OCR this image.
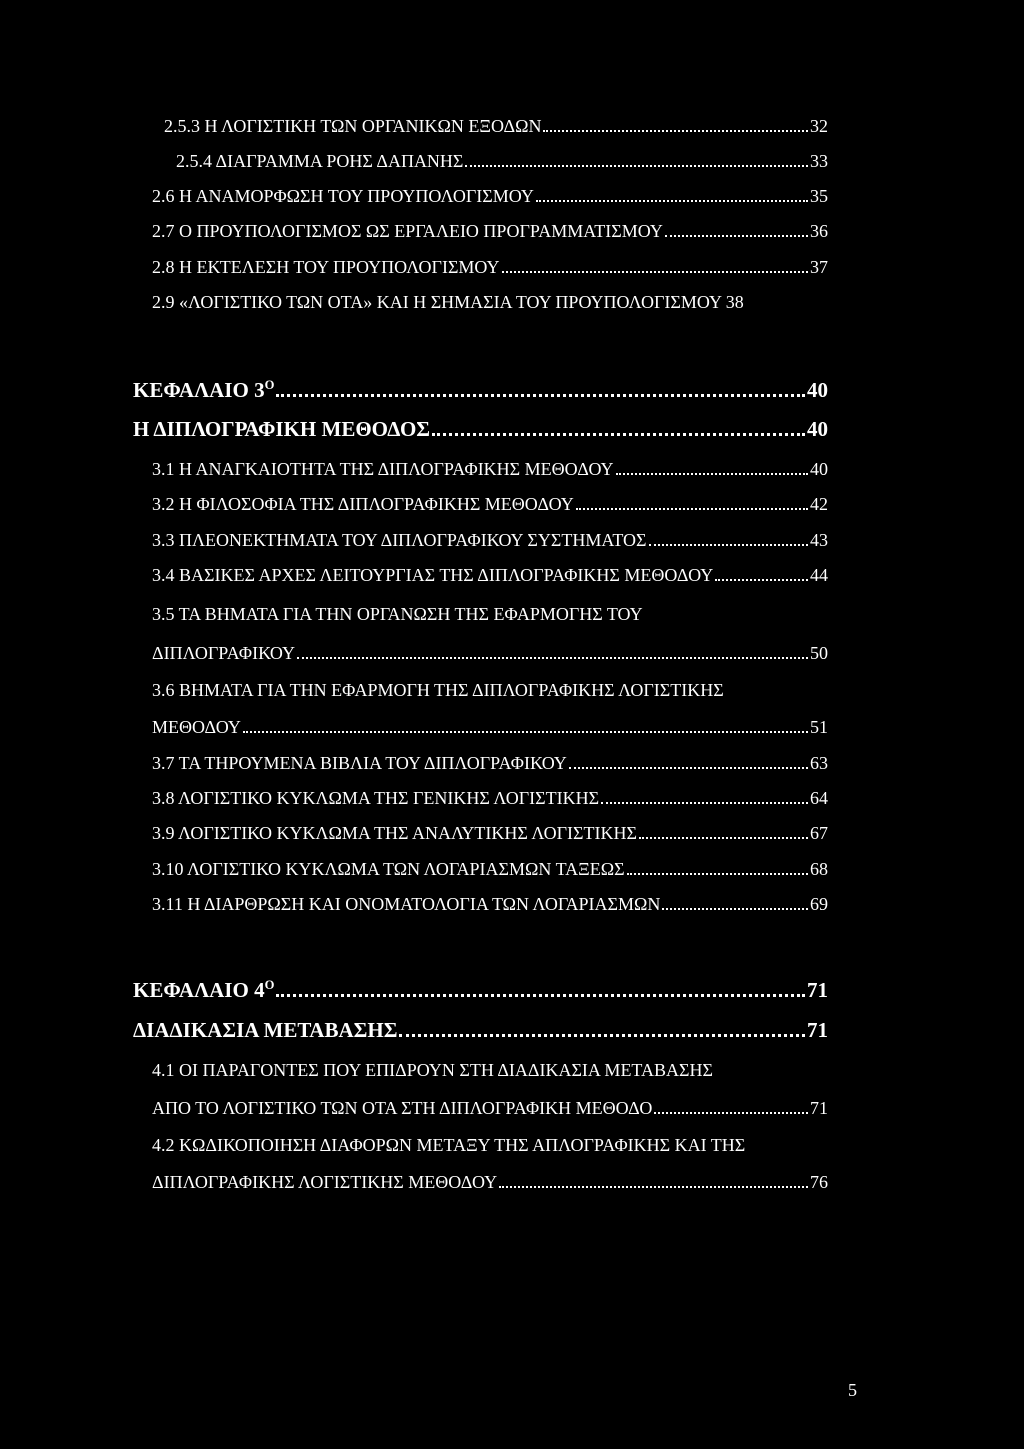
2.5.3 Η ΛΟΓΙΣΤΙΚΗ ΤΩΝ ΟΡΓΑΝΙΚΩΝ ΕΞΟΔΩΝ	32
2.5.4 ΔΙΑΓΡΑΜΜΑ ΡΟΗΣ ΔΑΠΑΝΗΣ	33
2.6 Η ΑΝΑΜΟΡΦΩΣΗ ΤΟΥ ΠΡΟΥΠΟΛΟΓΙΣΜΟΥ	35
2.7 Ο ΠΡΟΥΠΟΛΟΓΙΣΜΟΣ ΩΣ ΕΡΓΑΛΕΙΟ ΠΡΟΓΡΑΜΜΑΤΙΣΜΟΥ	36
2.8 Η ΕΚΤΕΛΕΣΗ ΤΟΥ ΠΡΟΥΠΟΛΟΓΙΣΜΟΥ	37
2.9 «ΛΟΓΙΣΤΙΚΟ ΤΩΝ ΟΤΑ» ΚΑΙ Η ΣΗΜΑΣΙΑ ΤΟΥ ΠΡΟΥΠΟΛΟΓΙΣΜΟΥ 38
ΚΕΦΑΛΑΙΟ $3^O$	40
Η ΔΙΠΛΟΓΡΑΦΙΚΗ ΜΕΘΟΔΟΣ	40
3.1 Η ΑΝΑΓΚΑΙΟΤΗΤΑ ΤΗΣ ΔΙΠΛΟΓΡΑΦΙΚΗΣ ΜΕΘΟΔΟΥ	40
3.2 Η ΦΙΛΟΣΟΦΙΑ ΤΗΣ ΔΙΠΛΟΓΡΑΦΙΚΗΣ ΜΕΘΟΔΟΥ	42
3.3 ΠΛΕΟΝΕΚΤΗΜΑΤΑ ΤΟΥ ΔΙΠΛΟΓΡΑΦΙΚΟΥ ΣΥΣΤΗΜΑΤΟΣ	43
3.4 ΒΑΣΙΚΕΣ ΑΡΧΕΣ ΛΕΙΤΟΥΡΓΙΑΣ ΤΗΣ ΔΙΠΛΟΓΡΑΦΙΚΗΣ ΜΕΘΟΔΟΥ	44
3.5 ΤΑ ΒΗΜΑΤΑ ΓΙΑ ΤΗΝ ΟΡΓΑΝΩΣΗ ΤΗΣ ΕΦΑΡΜΟΓΗΣ ΤΟΥ
ΔΙΠΛΟΓΡΑΦΙΚΟΥ	50
3.6 ΒΗΜΑΤΑ ΓΙΑ ΤΗΝ ΕΦΑΡΜΟΓΗ ΤΗΣ ΔΙΠΛΟΓΡΑΦΙΚΗΣ ΛΟΓΙΣΤΙΚΗΣ
ΜΕΘΟΔΟΥ	51
3.7 ΤΑ ΤΗΡΟΥΜΕΝΑ ΒΙΒΛΙΑ ΤΟΥ ΔΙΠΛΟΓΡΑΦΙΚΟΥ	63
3.8 ΛΟΓΙΣΤΙΚΟ ΚΥΚΛΩΜΑ ΤΗΣ ΓΕΝΙΚΗΣ ΛΟΓΙΣΤΙΚΗΣ	64
3.9 ΛΟΓΙΣΤΙΚΟ ΚΥΚΛΩΜΑ ΤΗΣ ΑΝΑΛΥΤΙΚΗΣ ΛΟΓΙΣΤΙΚΗΣ	67
3.10 ΛΟΓΙΣΤΙΚΟ ΚΥΚΛΩΜΑ ΤΩΝ ΛΟΓΑΡΙΑΣΜΩΝ ΤΑΞΕΩΣ	68
3.11 Η ΔΙΑΡΘΡΩΣΗ ΚΑΙ ΟΝΟΜΑΤΟΛΟΓΙΑ ΤΩΝ ΛΟΓΑΡΙΑΣΜΩΝ	69
ΚΕΦΑΛΑΙΟ $4^O$	71
ΔΙΑΔΙΚΑΣΙΑ ΜΕΤΑΒΑΣΗΣ	71
4.1 ΟΙ ΠΑΡΑΓΟΝΤΕΣ ΠΟΥ ΕΠΙΔΡΟΥΝ ΣΤΗ ΔΙΑΔΙΚΑΣΙΑ ΜΕΤΑΒΑΣΗΣ
ΑΠΟ ΤΟ ΛΟΓΙΣΤΙΚΟ ΤΩΝ ΟΤΑ ΣΤΗ ΔΙΠΛΟΓΡΑΦΙΚΗ ΜΕΘΟΔΟ	71
4.2 ΚΩΔΙΚΟΠΟΙΗΣΗ ΔΙΑΦΟΡΩΝ ΜΕΤΑΞΥ ΤΗΣ ΑΠΛΟΓΡΑΦΙΚΗΣ ΚΑΙ ΤΗΣ
ΔΙΠΛΟΓΡΑΦΙΚΗΣ ΛΟΓΙΣΤΙΚΗΣ ΜΕΘΟΔΟΥ	76
5
